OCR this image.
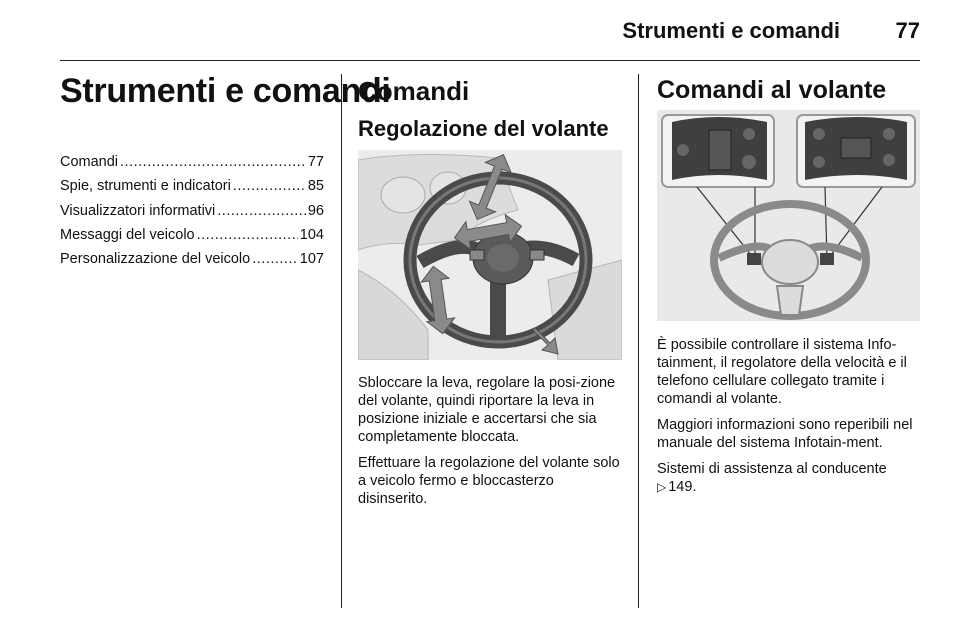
Strumenti e comandi	77
Strumenti e comandi
Comandi .....	77
Spie, strumenti e indicatori .....	85
Visualizzatori informativi .....	96
Messaggi del veicolo .....	104
Personalizzazione del veicolo .....	107
Comandi
Regolazione del volante

Sbloccare la leva, regolare la posi-zione del volante, quindi riportare la leva in posizione iniziale e accertarsi che sia completamente bloccata.

Effettuare la regolazione del volante solo a veicolo fermo e bloccasterzo disinserito.

Comandi al volante

È possibile controllare il sistema Info-tainment, il regolatore della velocità e il telefono cellulare collegato tramite i comandi al volante.

Maggiori informazioni sono reperibili nel manuale del sistema Infotain-ment.

Sistemi di assistenza al conducente
▷ 149.
